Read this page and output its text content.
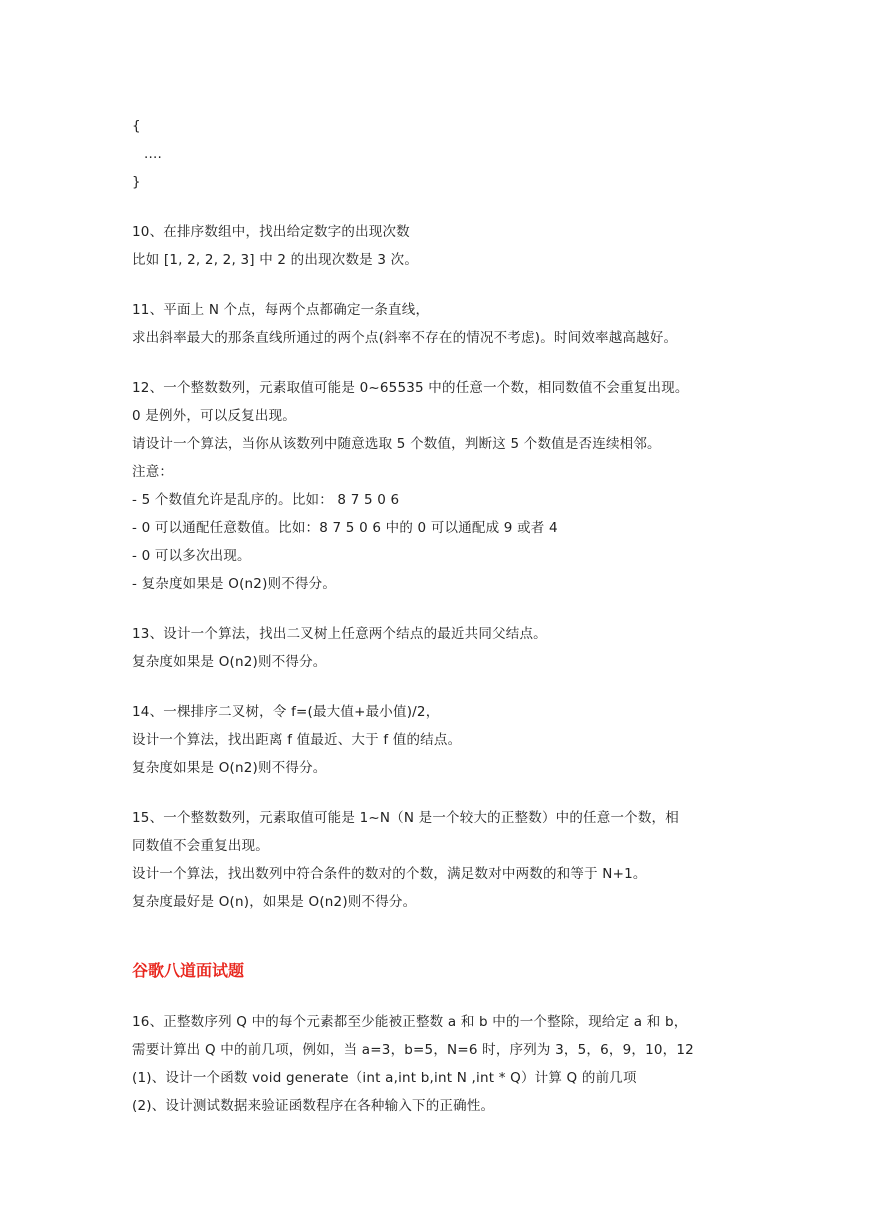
{
....
}
10、在排序数组中，找出给定数字的出现次数
比如 [1, 2, 2, 2, 3] 中 2 的出现次数是 3 次。
11、平面上 N 个点，每两个点都确定一条直线，
求出斜率最大的那条直线所通过的两个点(斜率不存在的情况不考虑)。时间效率越高越好。
12、一个整数数列，元素取值可能是 0~65535 中的任意一个数，相同数值不会重复出现。
0 是例外，可以反复出现。
请设计一个算法，当你从该数列中随意选取 5 个数值，判断这 5 个数值是否连续相邻。
注意：
- 5 个数值允许是乱序的。比如： 8 7 5 0 6
- 0 可以通配任意数值。比如：8 7 5 0 6 中的 0 可以通配成 9 或者 4
- 0 可以多次出现。
- 复杂度如果是 O(n2)则不得分。
13、设计一个算法，找出二叉树上任意两个结点的最近共同父结点。
复杂度如果是 O(n2)则不得分。
14、一棵排序二叉树，令 f=(最大值+最小值)/2，
设计一个算法，找出距离 f 值最近、大于 f 值的结点。
复杂度如果是 O(n2)则不得分。
15、一个整数数列，元素取值可能是 1~N（N 是一个较大的正整数）中的任意一个数，相
同数值不会重复出现。
设计一个算法，找出数列中符合条件的数对的个数，满足数对中两数的和等于 N+1。
复杂度最好是 O(n)，如果是 O(n2)则不得分。
谷歌八道面试题
16、正整数序列 Q 中的每个元素都至少能被正整数 a 和 b 中的一个整除，现给定 a 和 b，
需要计算出 Q 中的前几项，例如，当 a=3，b=5，N=6 时，序列为 3，5，6，9，10，12
(1)、设计一个函数 void generate（int a,int b,int N ,int * Q）计算 Q 的前几项
(2)、设计测试数据来验证函数程序在各种输入下的正确性。
